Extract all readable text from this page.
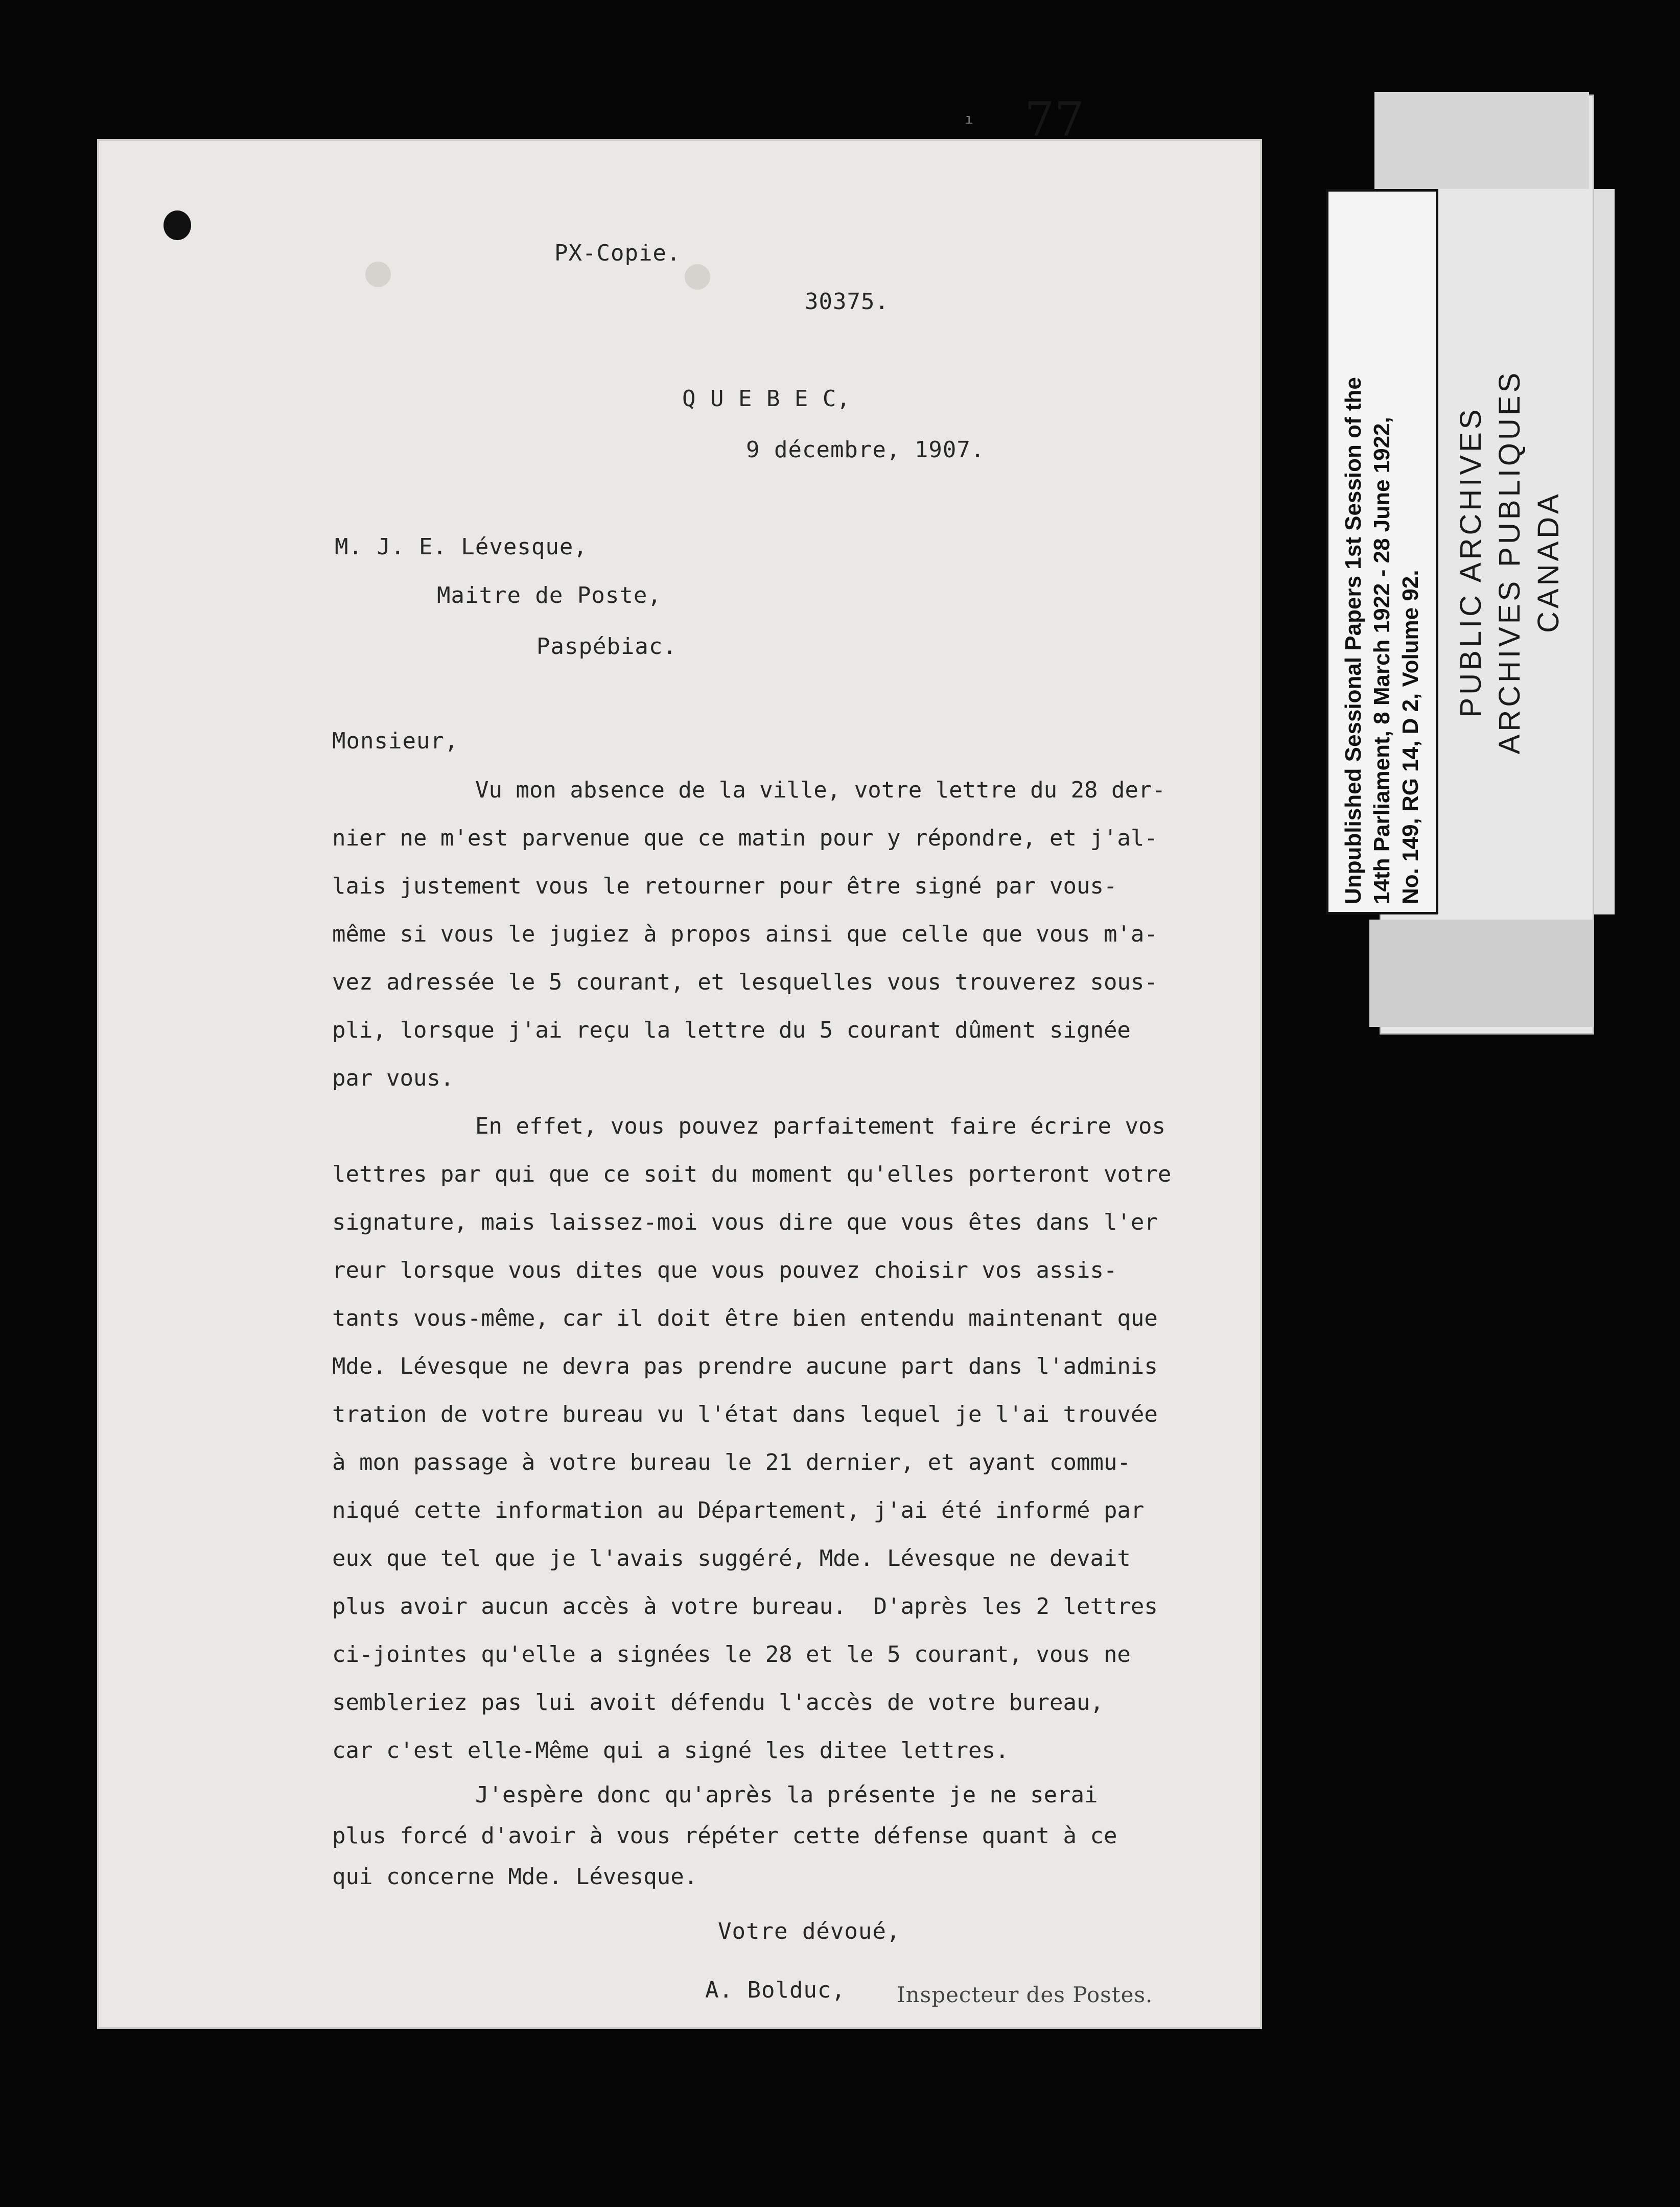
PX-Copie.
ı 77
30375.
Q U E B E C,
9 décembre, 1907.
M. J. E. Lévesque,
Maitre de Poste,
Paspébiac.
Monsieur,
Vu mon absence de la ville, votre lettre du 28 der-
nier ne m'est parvenue que ce matin pour y répondre, et j'al-
lais justement vous le retourner pour être signé par vous-
même si vous le jugiez à propos ainsi que celle que vous m'a-
vez adressée le 5 courant, et lesquelles vous trouverez sous-
pli, lorsque j'ai reçu la lettre du 5 courant dûment signée
par vous.
En effet, vous pouvez parfaitement faire écrire vos
lettres par qui que ce soit du moment qu'elles porteront votre
signature, mais laissez-moi vous dire que vous êtes dans l'er
reur lorsque vous dites que vous pouvez choisir vos assis-
tants vous-même, car il doit être bien entendu maintenant que
Mde. Lévesque ne devra pas prendre aucune part dans l'adminis
tration de votre bureau vu l'état dans lequel je l'ai trouvée
à mon passage à votre bureau le 21 dernier, et ayant commu-
niqué cette information au Département, j'ai été informé par
eux que tel que je l'avais suggéré, Mde. Lévesque ne devait
plus avoir aucun accès à votre bureau.  D'après les 2 lettres
ci-jointes qu'elle a signées le 28 et le 5 courant, vous ne
sembleriez pas lui avoit défendu l'accès de votre bureau,
car c'est elle-Même qui a signé les ditee lettres.
J'espère donc qu'après la présente je ne serai
plus forcé d'avoir à vous répéter cette défense quant à ce
qui concerne Mde. Lévesque.
Votre dévoué,
A. Bolduc, Inspecteur des Postes.
Unpublished Sessional Papers 1st Session of the 14th Parliament, 8 March 1922 - 28 June 1922, No. 149, RG 14, D 2, Volume 92.
PUBLIC ARCHIVES ARCHIVES PUBLIQUES CANADA
